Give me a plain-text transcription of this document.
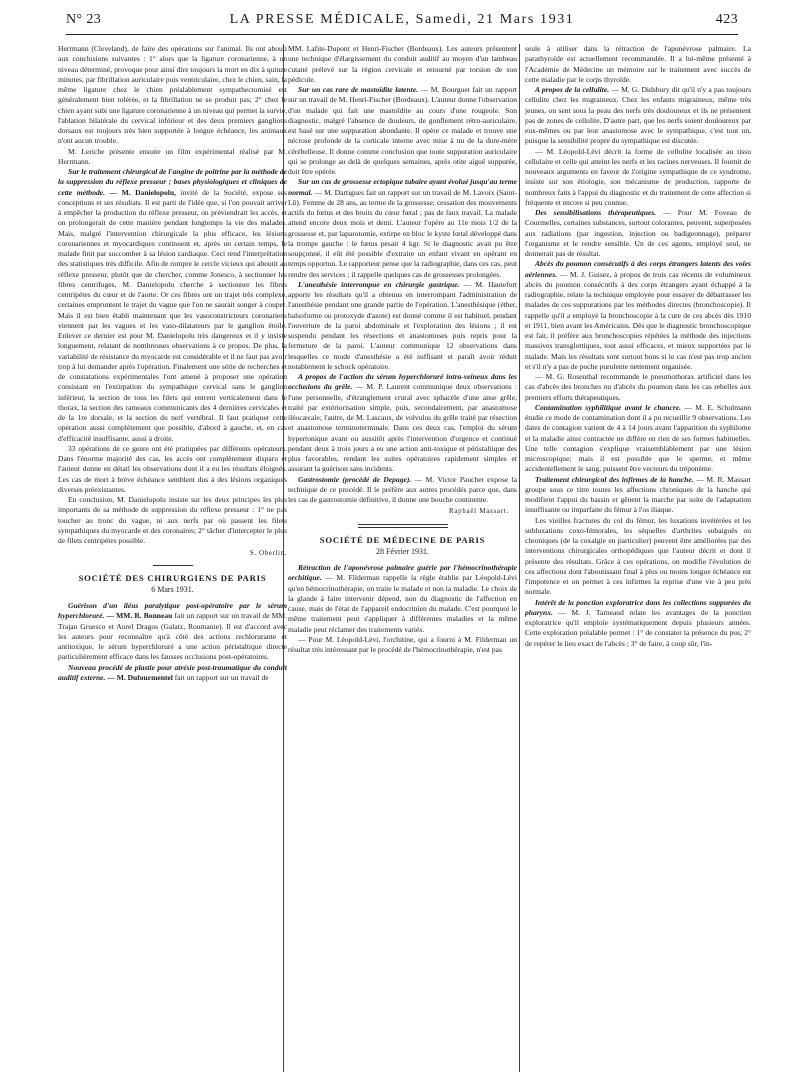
N° 23	LA PRESSE MÉDICALE, Samedi, 21 Mars 1931	423

Herrmann (Cleveland), de faire des opérations sur l'animal. Ils ont abouti aux conclusions suivantes : 1° alors que la ligature coronarienne, à un niveau déterminé, provoque pour ainsi dire toujours la mort en dix à quinze minutes, par fibrillation auriculaire puis ventriculaire, chez le chien, sain, la même ligature chez le chien préalablement sympathectomisé est généralement bien tolérée, et la fibrillation ne se produit pas; 2° chez le chien ayant subi une ligature coronarienne à un niveau qui permet la survie, l'ablation bilatérale du cervical inférieur et des deux premiers ganglions dorsaux est toujours très bien supportée à longue échéance, les animaux n'ont aucun trouble.

M. Leriche présente ensuite un film expérimental réalisé par M. Herrmann.

Sur le traitement chirurgical de l'angine de poitrine par la méthode de la suppression du réflexe presseur ; bases physiologiques et cliniques de cette méthode. — M. Danielopolu, invité de la Société, expose ses conceptions et ses résultats. Il est parti de l'idée que, si l'on pouvait arriver à empêcher la production du réflexe presseur, on préviendrait les accès, et on prolongerait de cette manière pendant longtemps la vie des malades. Mais, malgré l'intervention chirurgicale la plus efficace, les lésions coronariennes et myocardiques continuent et, après un certain temps, le malade finit par succomber à sa lésion cardiaque. Ceci rend l'interprétation des statistiques très difficile. Afin de rompre le cercle vicieux qui aboutit au réflexe presseur, plutôt que de chercher, comme Jonesco, à sectionner les fibres centrifuges, M. Danielopolu cherche à sectionner les fibres centripètes du cœur et de l'aorte. Or ces fibres ont un trajet très complexe, certaines empruntent le trajet du vague que l'on ne saurait songer à couper. Mais il est bien établi maintenant que les vasoconstricteurs coronariens viennent par les vagues et les vaso-dilatateurs par le ganglion étoilé. Enlever ce dernier est pour M. Danielopolu très dangereux et il y insiste longuement, relatant de nombreuses observations à ce propos. De plus, la variabilité de résistance du myocarde est considérable et il ne faut pas avoir trop à lui demander après l'opération. Finalement une série de recherches et de constatations expérimentales l'ont amené à proposer une opération consistant en l'extirpation du sympathique cervical sans le ganglion inférieur, la section de tous les filets qui entrent verticalement dans le thorax, la section des rameaux communicants des 4 dernières cervicales et de la 1re dorsale, et la section du nerf vertébral. Il faut pratiquer cette opération aussi complètement que possible, d'abord à gauche, et, en cas d'efficacité insuffisante, aussi à droite.

33 opérations de ce genre ont été pratiquées par différents opérateurs. Dans l'énorme majorité des cas, les accès ont complètement disparu et l'auteur donne en détail les observations dont il a eu les résultats éloignés. Les cas de mort à brève échéance semblent dus à des lésions organiques diverses préexistantes.

En conclusion, M. Danielopolu insiste sur les deux principes les plus importants de sa méthode de suppression du réflexe presseur : 1° ne pas toucher au tronc du vague, ni aux nerfs par où passent les filets sympathiques du myocarde et des coronaires; 2° tâcher d'intercepter le plus de filets centripètes possible.

S. Oberlin.
SOCIÉTÉ DES CHIRURGIENS DE PARIS
6 Mars 1931.

Guérison d'un iléus paralytique post-opératoire par le sérum hyperchloruré. — MM. R. Bonneau fait un rapport sur un travail de MM. Trajan Gruesco et Aurel Dragos (Galatz, Roumanie). Il est d'accord avec les auteurs pour reconnaître qu'à côté des actions rechlorurante et antitoxique, le sérum hyperchloruré a une action péristaltique directe particulièrement efficace dans les fausses occlusions post-opératoires.

Nouveau procédé de plastie pour atrésie post-traumatique du conduit auditif externe. — M. Dufourmentel fait un rapport sur un travail de

MM. Lafite-Dupont et Henri-Fischer (Bordeaux). Les auteurs présentent une technique d'élargissement du conduit auditif au moyen d'un lambeau cutané prélevé sur la région cervicale et retourné par torsion de son pédicule.

Sur un cas rare de mastoïdite latente. — M. Bourguet fait un rapport sur un travail de M. Henri-Fischer (Bordeaux). L'auteur donne l'observation d'un malade qui fait une mastoïdite au cours d'une rougeole. Son diagnostic, malgré l'absence de douleurs, de gonflement rétro-auriculaire, est basé sur une suppuration abondante. Il opère ce malade et trouve une nécrose profonde de la corticale interne avec mise à nu de la dure-mère cérébelleuse. Il donne comme conclusion que toute suppuration auriculaire qui se prolonge au delà de quelques semaines, après otite aiguë suppurée, doit être opérée.

Sur un cas de grossesse ectopique tubaire ayant évolué jusqu'au terme normal. — M. Dartigues fait un rapport sur un travail de M. Lavoix (Saint-Lô). Femme de 28 ans, au terme de la grossesse; cessation des mouvements actifs du fœtus et des bruits du cœur fœtal ; pas de faux travail. La malade attend encore deux mois et demi. L'auteur l'opère au 11e mois 1/2 de la grossesse et, par laparotomie, extirpe en bloc le kyste fœtal développé dans la trompe gauche : le fœtus pesait 4 kgr. Si le diagnostic avait pu être soupçonné, il eût été possible d'extraire un enfant vivant en opérant en temps opportun. Le rapporteur pense que la radiographie, dans ces cas, peut rendre des services ; il rappelle quelques cas de grossesses prolongées.

L'anesthésie interrompue en chirurgie gastrique. — M. Hautefort apporte les résultats qu'il a obtenus en interrompant l'administration de l'anesthésie pendant une grande partie de l'opération. L'anesthésique (éther, balsoforme ou protoxyde d'azote) est donné comme il est habituel, pendant l'ouverture de la paroi abdominale et l'exploration des lésions ; il est suspendu pendant les résections et anastomoses puis repris pour la fermeture de la paroi. L'auteur communique 12 observations dans lesquelles ce mode d'anesthésie a été suffisant et paraît avoir réduit notablement le schock opératoire.

A propos de l'action du sérum hyperchloruré intra-veineux dans les occlusions du grêle. — M. P. Laurent communique deux observations : l'une personnelle, d'étranglement crural avec sphacèle d'une anse grêle, traité par extériorisation simple, puis, secondairement, par anastomose iléocæcale; l'autre, de M. Lascaux, de volvulus du grêle traité par résection et anastomose terminoterminale. Dans ces deux cas, l'emploi du sérum hypertonique avant ou aussitôt après l'intervention d'urgence et continué pendant deux à trois jours a eu une action anti-toxique et péristaltique des plus favorables, rendant les suites opératoires rapidement simples et assurant la guérison sans incidents.

Gastrostomie (procédé de Depage). — M. Victor Pauchet expose la technique de ce procédé. Il le préfère aux autres procédés parce que, dans les cas de gastrostomie définitive, il donne une bouche continente.

Raphaël Massart.
SOCIÉTÉ DE MÉDECINE DE PARIS
28 Février 1931.

Rétraction de l'aponévrose palmaire guérie par l'hémocrinothérapie orchitique. — M. Filderman rappelle la règle établie par Léopold-Lévi qu'en hémocrinothérapie, on traite le malade et non la maladie. Le choix de la glande à faire intervenir dépend, non du diagnostic de l'affection en cause, mais de l'état de l'appareil endocrinien du malade. C'est pourquoi le même traitement peut s'appliquer à différentes maladies et la même maladie peut réclamer des traitements variés.

— Pour M. Léopold-Lévi, l'orchitine, qui a fourni à M. Filderman un résultat très intéressant par le procédé de l'hémocrinothérapie, n'est pas

seule à utiliser dans la rétraction de l'aponévrose palmaire. La parathyroïde est actuellement recommandée. Il a lui-même présenté à l'Académie de Médecine un mémoire sur le traitement avec succès de cette maladie par le corps thyroïde.

A propos de la cellulite. — M. G. Didsbury dit qu'il n'y a pas toujours cellulite chez les migraineux. Chez les enfants migraineux, même très jeunes, on sent sous la peau des nerfs très douloureux et ils ne présentent pas de zones de cellulite. D'autre part, que les nerfs soient douloureux par eux-mêmes ou par leur anastomose avec le sympathique, c'est tout un, puisque la sensibilité propre du sympathique est discutée.

— M. Léopold-Lévi décrit la forme de cellulite localisée au tissu cellulaire et celle qui atteint les nerfs et les racines nerveuses. Il fournit de nouveaux arguments en faveur de l'origine sympathique de ce syndrome, insiste sur son étiologie, son mécanisme de production, rapporte de nombreux faits à l'appui du diagnostic et du traitement de cette affection si fréquente et encore si peu connue.

Des sensibilisations thérapeutiques. — Pour M. Foveau de Courmelles, certaines substances, surtout colorantes, peuvent, superposées aux radiations (par ingestion, injection ou badigeonnage), préparer l'organisme et le rendre sensible. Un de ces agents, employé seul, ne donnerait pas de résultat.

Abcès du poumon consécutifs à des corps étrangers latents des voies aériennes. — M. J. Guisez, à propos de trois cas récents de volumineux abcès du poumon consécutifs à des corps étrangers ayant échappé à la radiographie, relate la technique employée pour essayer de débarrasser les malades de ces suppurations par les méthodes directes (bronchoscopie). Il rappelle qu'il a employé la bronchoscopie à la cure de ces abcès dès 1910 et 1911, bien avant les Américains. Dès que le diagnostic bronchoscopique est fait, il préfère aux bronchoscopies répétées la méthode des injections massives transglottiques, tout aussi efficaces, et mieux supportées par le malade. Mais les résultats sont surtout bons si le cas n'est pas trop ancien et s'il n'y a pas de poche purulente nettement organisée.

— M. G. Rosenthal recommande le pneumothorax artificiel dans les cas d'abcès des bronches ou d'abcès du poumon dans les cas rebelles aux premiers efforts thérapeutiques.

Contamination syphilitique avant le chancre. — M. E. Schulmann étudie ce mode de contamination dont il a pu recueillir 9 observations. Les dates de contagion varient de 4 à 14 jours avant l'apparition du syphilome et la maladie ainsi contractée ne diffère en rien de ses formes habituelles. Une telle contagion s'explique vraisemblablement par une lésion microscopique; mais il est possible que le sperme, et même accidentellement le sang, puissent être vecteurs du tréponème.

Traitement chirurgical des infirmes de la hanche. — M. R. Massart groupe sous ce titre toutes les affections chroniques de la hanche qui modifient l'appui du bassin et gênent la marche par suite de l'adaptation insuffisante ou imparfaite du fémur à l'os iliaque.

Les vieilles fractures du col du fémur, les luxations invétérées et les subluxations coxo-fémorales, les séquelles d'arthrites subaiguës ou chroniques (de la coxalgie en particulier) peuvent être améliorées par des interventions chirurgicales orthopédiques que l'auteur décrit et dont il présente des résultats. Grâce à ces opérations, on modifie l'évolution de ces affections dont l'aboutissant final à plus ou moins longue échéance est l'impotence et on permet à ces infirmes la reprise d'une vie à peu près normale.

Intérêt de la ponction exploratrice dans les collections suppurées du pharynx. — M. J. Tarneaud relate les avantages de la ponction exploratrice qu'il emploie systématiquement depuis plusieurs années. Cette exploration préalable permet : 1° de constater la présence du pus; 2° de repérer le lieu exact de l'abcès ; 3° de faire, à coup sûr, l'in-
